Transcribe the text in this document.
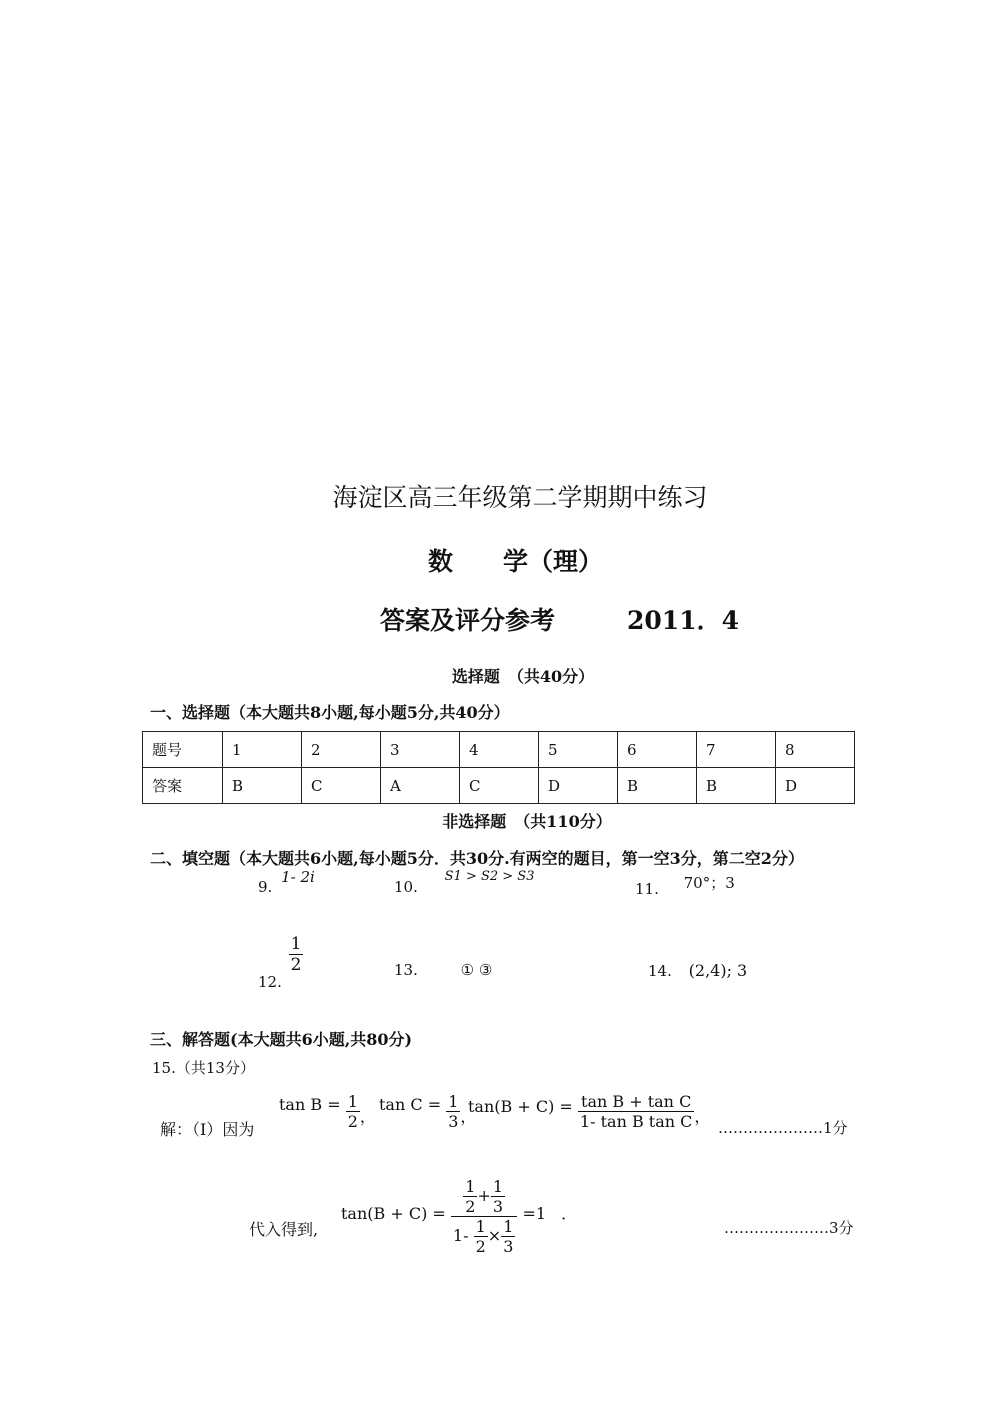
海淀区高三年级第二学期期中练习
数　　学（理）
答案及评分参考	2011．4
选择题　（共40分）
一、选择题（本大题共8小题,每小题5分,共40分）
题号	1	2	3	4	5	6	7	8
答案	B	C	A	C	D	B	B	D
非选择题　（共110分）
二、填空题（本大题共6小题,每小题5分．共30分.有两空的题目，第一空3分，第二空2分）
9. 1- 2i
10. S1 > S2 > S3
11. 70°；3
12.
$\frac{1}{2}$	13.	① ③	14. (2,4); 3
三、解答题(本大题共6小题,共80分)
15.（共13分）
解：（I）因为
$\tan B = \frac{1}{2}$ ，
$\tan C = \frac{1}{3}$ ，
$\tan(B + C) = \frac{\text{tan B + tan C}}{\text{1- tan B tan C}}$ ，
…………………1分
代入得到,
$\tan(B + C) = \frac{\frac{1}{2} + \frac{1}{3}}{1- \frac{1}{2} \times \frac{1}{3}} =1$ ．
…………………3分
